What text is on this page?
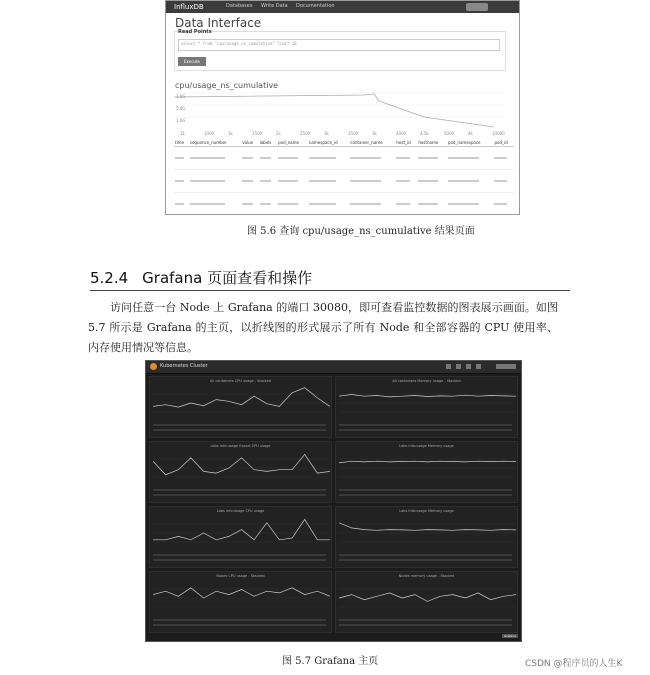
InfluxDB	Databases Write Data Documentation
Data Interface
Read Points
select * from "cpu/usage_ns_cumulative" limit 10
Execute Query
cpu/usage_ns_cumulative
1.0G
5.0G
1.0G
11	1000	1k	1500	2s	2500	3k	3500	3k	4000	4.5k	5000	4k	10000
time	sequence_number	value	labels	pod_name	namespace_id	container_name	host_id	hostname	pod_namespace	pod_id

图 5.6 查询 cpu/usage_ns_cumulative 结果页面
5.2.4 Grafana 页面查看和操作
访问任意一台 Node 上 Grafana 的端口 30080，即可查看监控数据的图表展示画面。如图 5.7 所示是 Grafana 的主页，以折线图的形式展示了所有 Node 和全部容器的 CPU 使用率、内存使用情况等信息。
Kubernetes Cluster
All containers CPU usage - Stacked	All containers Memory usage - Stacked
Labs Info:usage Export CPU usage	Labs Info:usage Memory usage
Labs Info:usage CPU usage	Labs Info:usage Memory usage
Nodes CPU usage - Stacked	Nodes memory usage - Stacked
Grafana
图 5.7 Grafana 主页	CSDN @程序员的人生K
